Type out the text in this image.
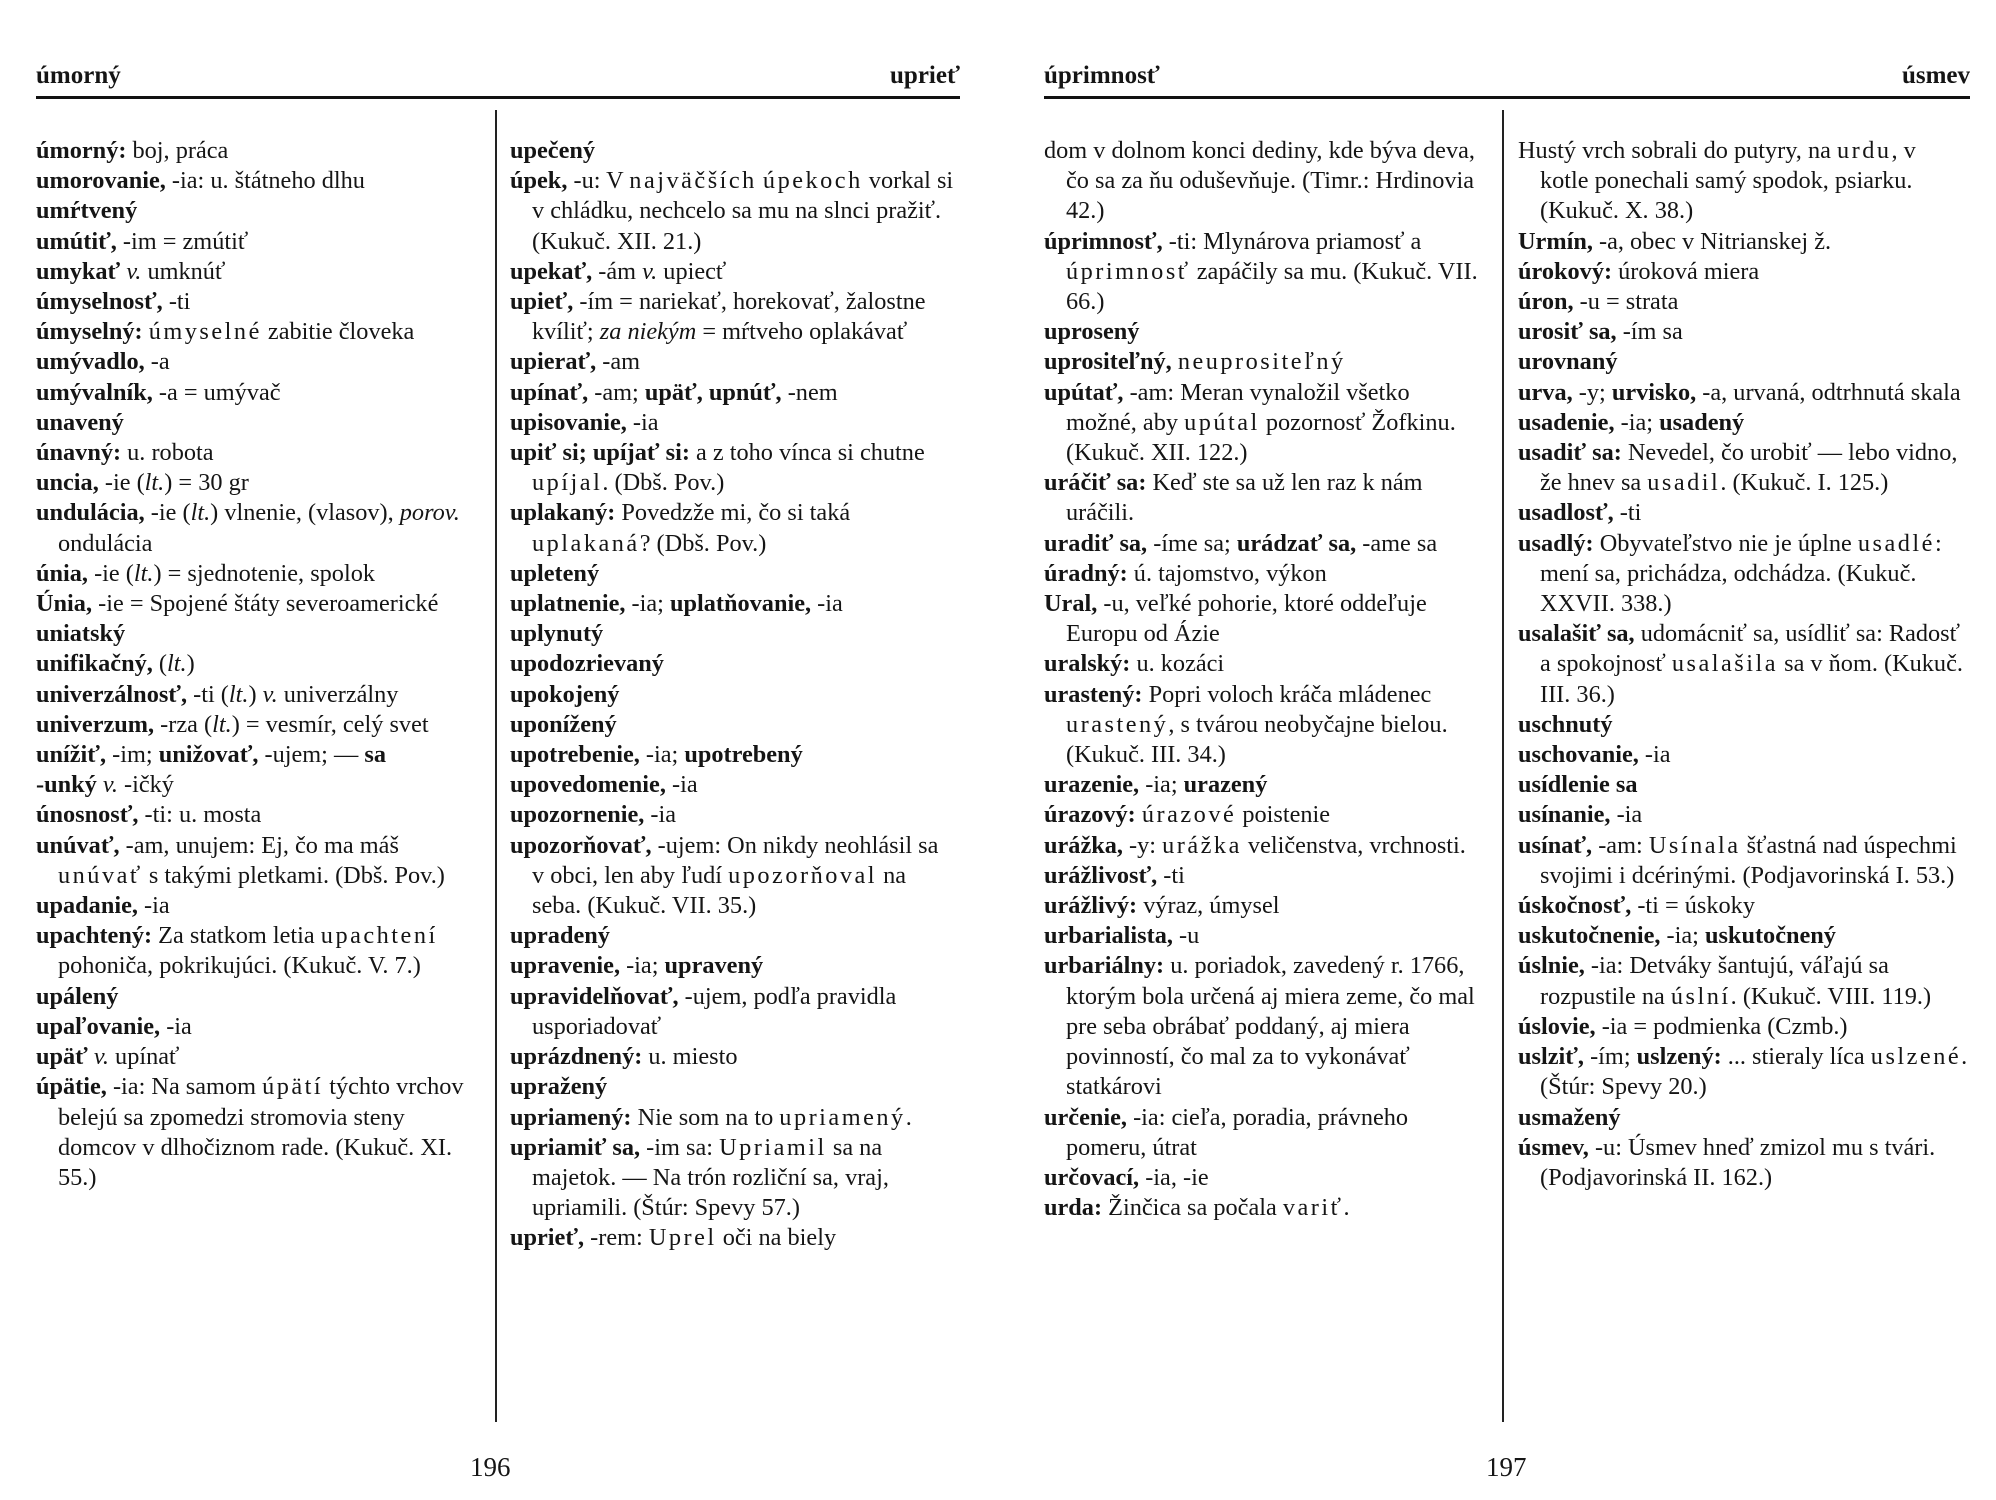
úmorný	uprieť

úmorný: boj, práca

umorovanie, -ia: u. štátneho dlhu

umŕtvený

umútiť, -im = zmútiť

umykať v. umknúť

úmyselnosť, -ti

úmyselný: úmyselné zabitie človeka

umývadlo, -a

umývalník, -a = umývač

unavený

únavný: u. robota

uncia, -ie (lt.) = 30 gr

undulácia, -ie (lt.) vlnenie, (vlasov), porov. ondulácia

únia, -ie (lt.) = sjednotenie, spolok

Únia, -ie = Spojené štáty severoamerické

uniatský

unifikačný, (lt.)

univerzálnosť, -ti (lt.) v. univerzálny

univerzum, -rza (lt.) = vesmír, celý svet

unížiť, -im; unižovať, -ujem; — sa

-unký v. -ičký

únosnosť, -ti: u. mosta

unúvať, -am, unujem: Ej, čo ma máš unúvať s takými pletkami. (Dbš. Pov.)

upadanie, -ia

upachtený: Za statkom letia upachtení pohoniča, pokrikujúci. (Kukuč. V. 7.)

upálený

upaľovanie, -ia

upäť v. upínať

úpätie, -ia: Na samom úpätí týchto vrchov belejú sa zpomedzi stromovia steny domcov v dlhočiznom rade. (Kukuč. XI. 55.)

upečený

úpek, -u: V najväčších úpekoch vorkal si v chládku, nechcelo sa mu na slnci pražiť. (Kukuč. XII. 21.)

upekať, -ám v. upiecť

upieť, -ím = nariekať, horekovať, žalostne kvíliť; za niekým = mŕtveho oplakávať

upierať, -am

upínať, -am; upäť, upnúť, -nem

upisovanie, -ia

upiť si; upíjať si: a z toho vínca si chutne upíjal. (Dbš. Pov.)

uplakaný: Povedzže mi, čo si taká uplakaná? (Dbš. Pov.)

upletený

uplatnenie, -ia; uplatňovanie, -ia

uplynutý

upodozrievaný

upokojený

uponížený

upotrebenie, -ia; upotrebený

upovedomenie, -ia

upozornenie, -ia

upozorňovať, -ujem: On nikdy neohlásil sa v obci, len aby ľudí upozorňoval na seba. (Kukuč. VII. 35.)

upradený

upravenie, -ia; upravený

upravidelňovať, -ujem, podľa pravidla usporiadovať

uprázdnený: u. miesto

upražený

upriamený: Nie som na to upriamený.

upriamiť sa, -im sa: Upriamil sa na majetok. — Na trón rozliční sa, vraj, upriamili. (Štúr: Spevy 57.)

uprieť, -rem: Uprel oči na biely

196
úprimnosť	úsmev

dom v dolnom konci dediny, kde býva deva, čo sa za ňu oduševňuje. (Timr.: Hrdinovia 42.)

úprimnosť, -ti: Mlynárova priamosť a úprimnosť zapáčily sa mu. (Kukuč. VII. 66.)

uprosený

uprositeľný, neuprositeľný

upútať, -am: Meran vynaložil všetko možné, aby upútal pozornosť Žofkinu. (Kukuč. XII. 122.)

uráčiť sa: Keď ste sa už len raz k nám uráčili.

uradiť sa, -íme sa; urádzať sa, -ame sa

úradný: ú. tajomstvo, výkon

Ural, -u, veľké pohorie, ktoré oddeľuje Europu od Ázie

uralský: u. kozáci

urastený: Popri voloch kráča mládenec urastený, s tvárou neobyčajne bielou. (Kukuč. III. 34.)

urazenie, -ia; urazený

úrazový: úrazové poistenie

urážka, -y: urážka veličenstva, vrchnosti.

urážlivosť, -ti

urážlivý: výraz, úmysel

urbarialista, -u

urbariálny: u. poriadok, zavedený r. 1766, ktorým bola určená aj miera zeme, čo mal pre seba obrábať poddaný, aj miera povinností, čo mal za to vykonávať statkárovi

určenie, -ia: cieľa, poradia, právneho pomeru, útrat

určovací, -ia, -ie

urda: Žinčica sa počala variť.

Hustý vrch sobrali do putyry, na urdu, v kotle ponechali samý spodok, psiarku. (Kukuč. X. 38.)

Urmín, -a, obec v Nitrianskej ž.

úrokový: úroková miera

úron, -u = strata

urosiť sa, -ím sa

urovnaný

urva, -y; urvisko, -a, urvaná, odtrhnutá skala

usadenie, -ia; usadený

usadiť sa: Nevedel, čo urobiť — lebo vidno, že hnev sa usadil. (Kukuč. I. 125.)

usadlosť, -ti

usadlý: Obyvateľstvo nie je úplne usadlé: mení sa, prichádza, odchádza. (Kukuč. XXVII. 338.)

usalašiť sa, udomácniť sa, usídliť sa: Radosť a spokojnosť usalašila sa v ňom. (Kukuč. III. 36.)

uschnutý

uschovanie, -ia

usídlenie sa

usínanie, -ia

usínať, -am: Usínala šťastná nad úspechmi svojimi i dcérinými. (Podjavorinská I. 53.)

úskočnosť, -ti = úskoky

uskutočnenie, -ia; uskutočnený

úslnie, -ia: Detváky šantujú, váľajú sa rozpustile na úslní. (Kukuč. VIII. 119.)

úslovie, -ia = podmienka (Czmb.)

uslziť, -ím; uslzený: ... stieraly líca uslzené. (Štúr: Spevy 20.)

usmažený

úsmev, -u: Úsmev hneď zmizol mu s tvári. (Podjavorinská II. 162.)

197
